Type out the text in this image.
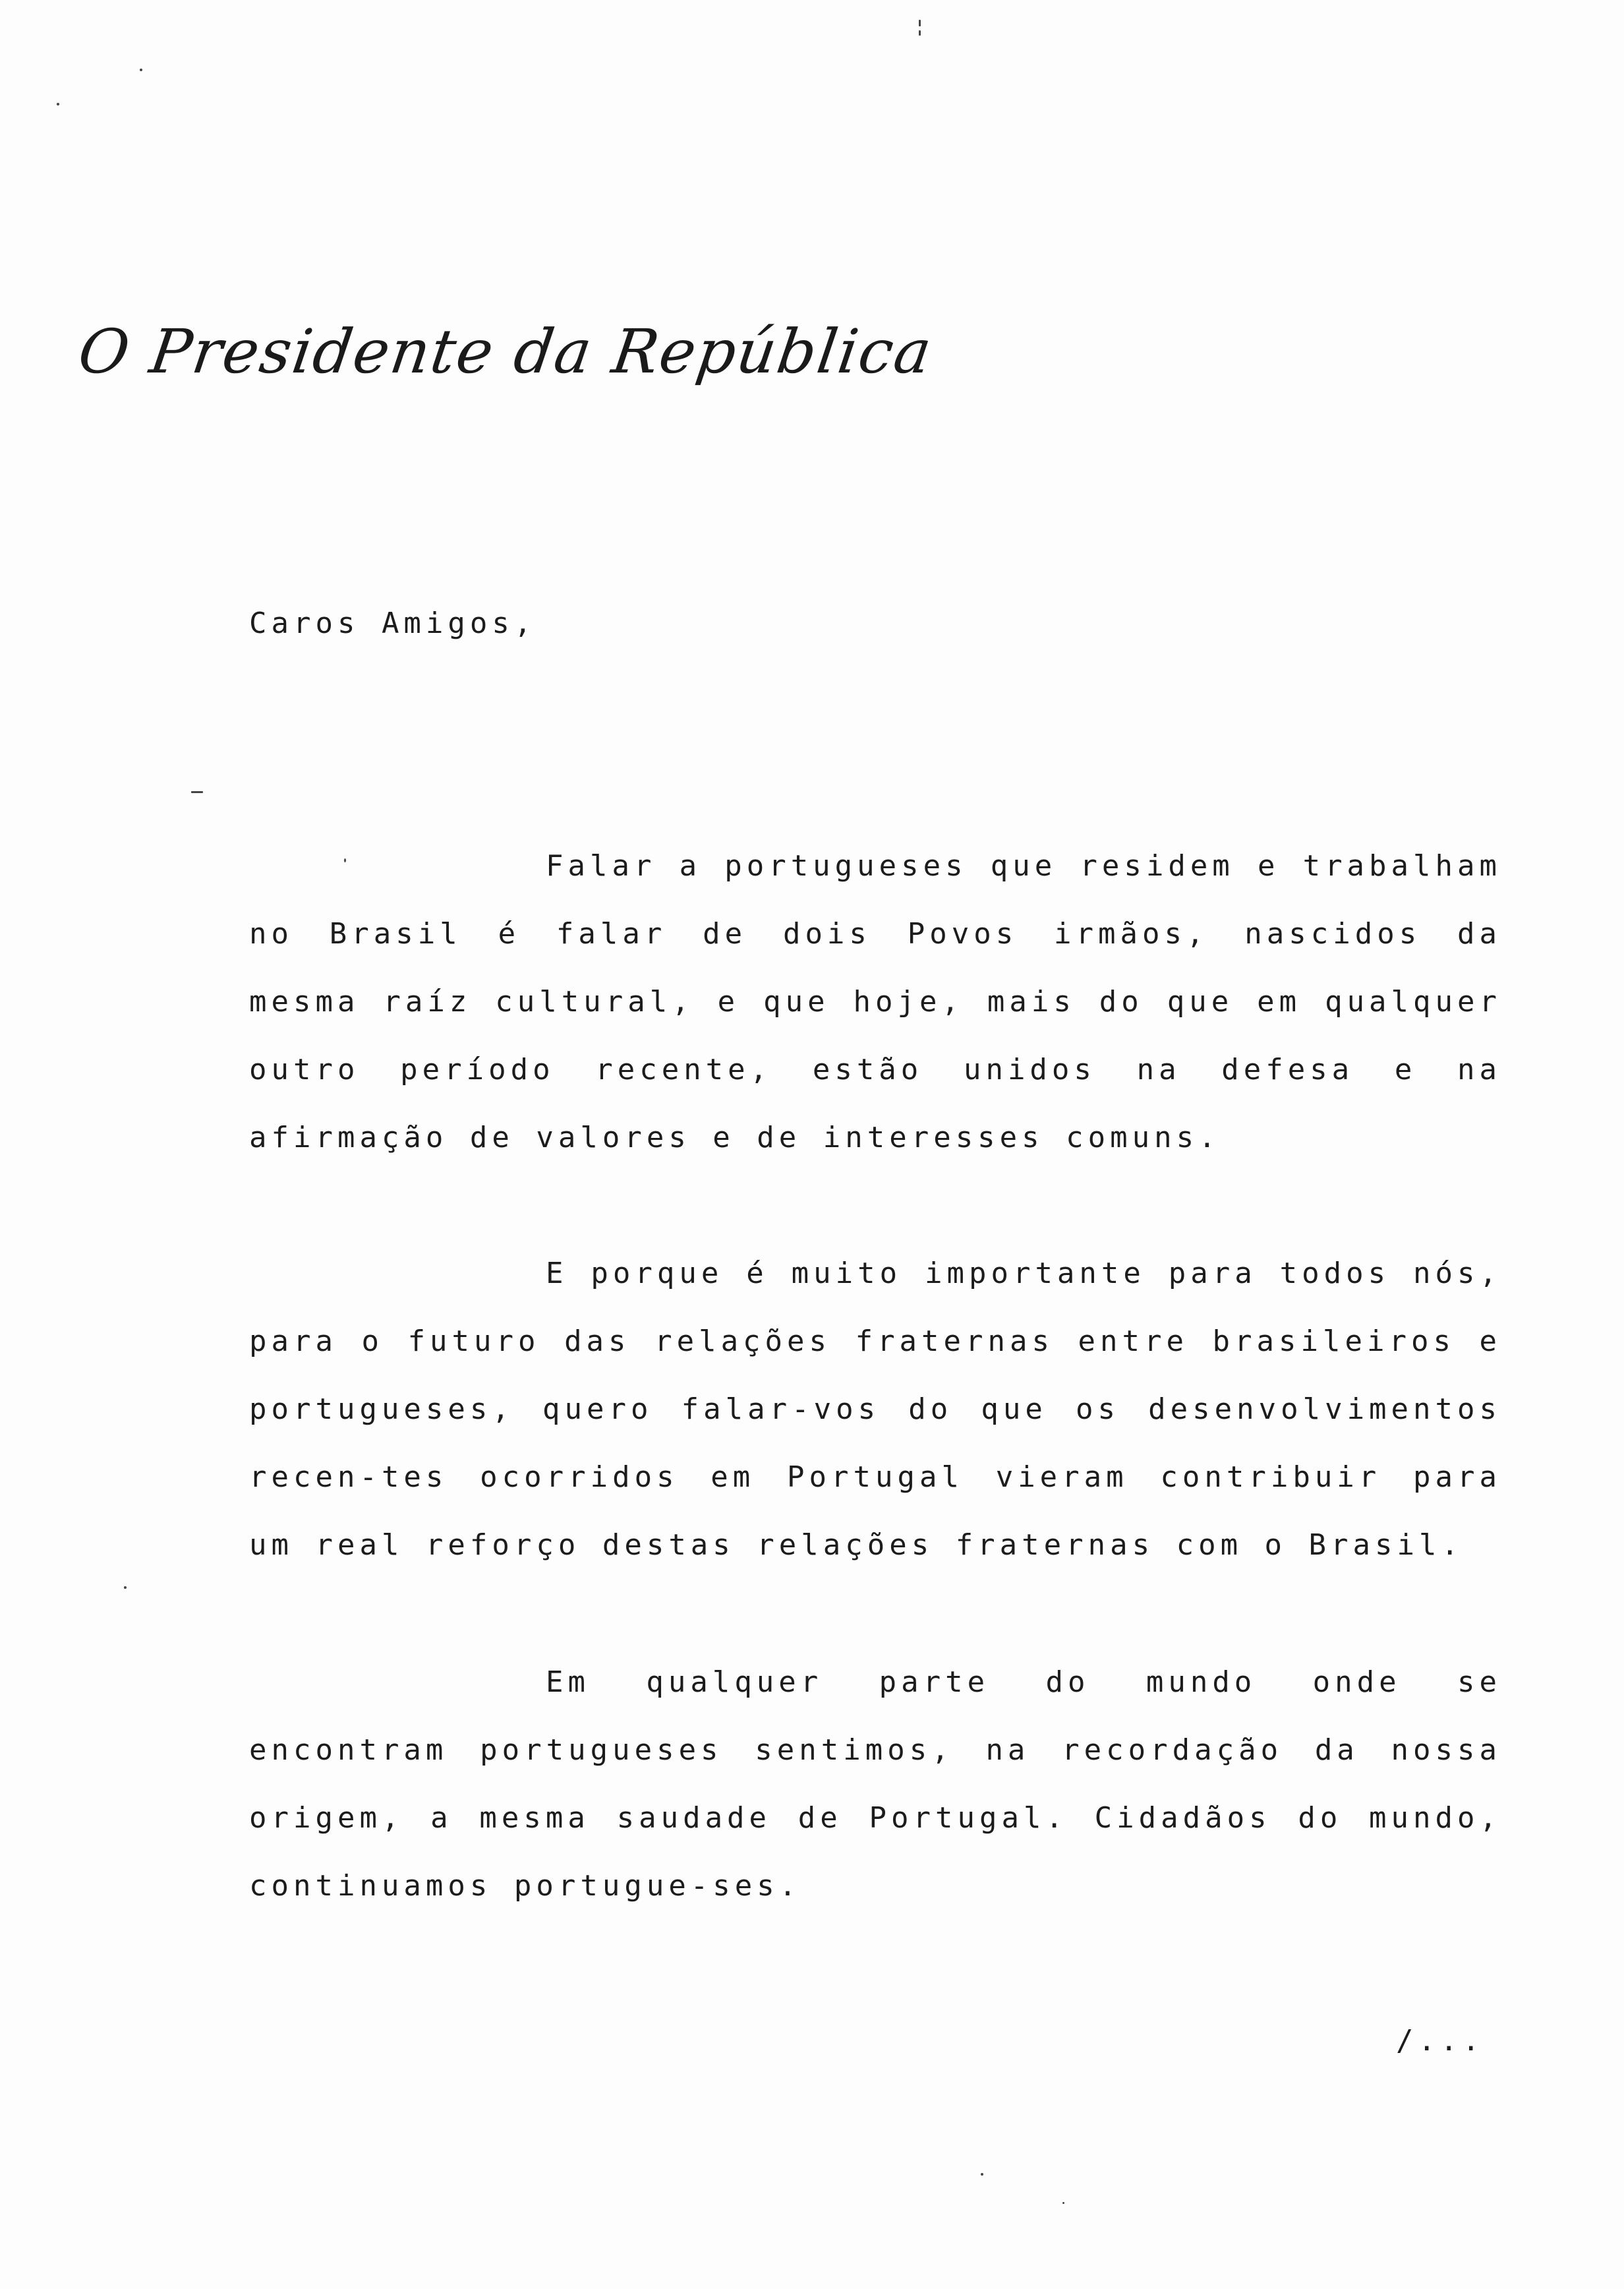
O Presidente da República
Caros Amigos,

Falar a portugueses que residem e trabalham no Brasil é falar de dois Povos irmãos, nascidos da mesma raíz cultural, e que hoje, mais do que em qualquer outro período recente, estão unidos na defesa e na afirmação de valores e de interesses comuns.

E porque é muito importante para todos nós, para o futuro das relações fraternas entre brasileiros e portugueses, quero falar-vos do que os desenvolvimentos recen-tes ocorridos em Portugal vieram contribuir para um real reforço destas relações fraternas com o Brasil.

Em qualquer parte do mundo onde se encontram portugueses sentimos, na recordação da nossa origem, a mesma saudade de Portugal. Cidadãos do mundo, continuamos portugue-ses.

/...
